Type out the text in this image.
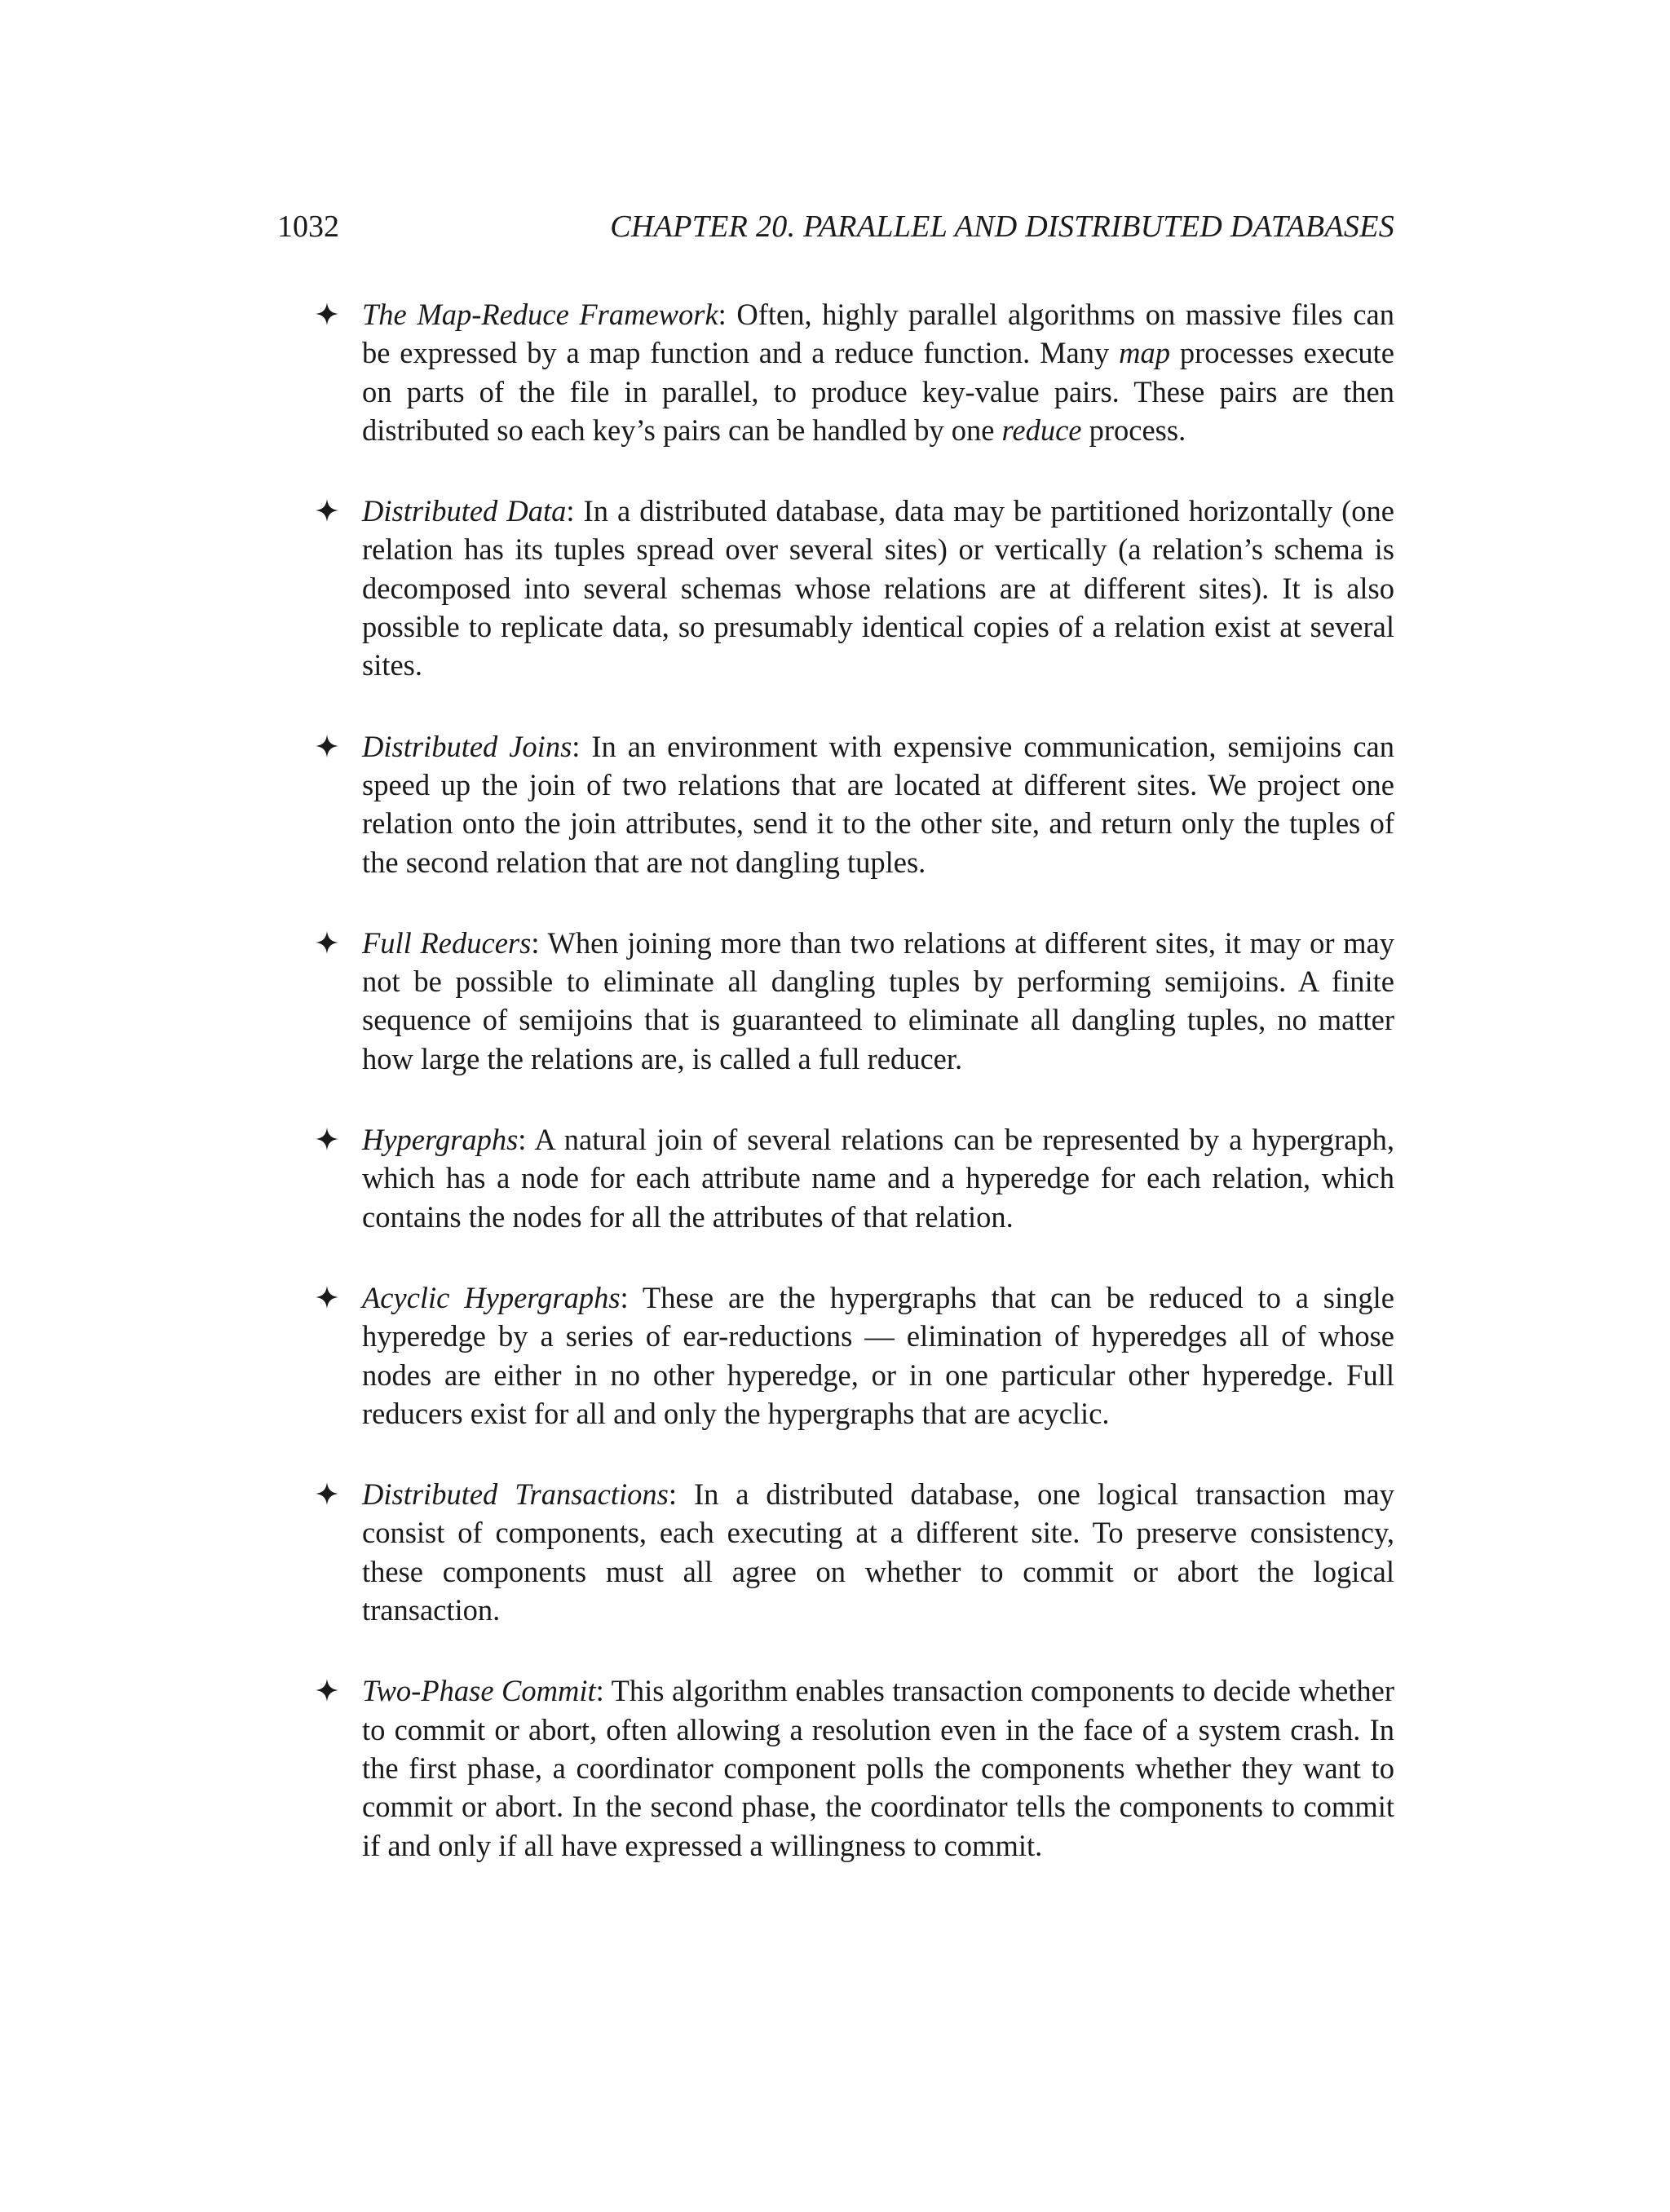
1032	CHAPTER 20. PARALLEL AND DISTRIBUTED DATABASES
The Map-Reduce Framework: Often, highly parallel algorithms on massive files can be expressed by a map function and a reduce function. Many map processes execute on parts of the file in parallel, to produce key-value pairs. These pairs are then distributed so each key’s pairs can be handled by one reduce process.
Distributed Data: In a distributed database, data may be partitioned horizontally (one relation has its tuples spread over several sites) or vertically (a relation’s schema is decomposed into several schemas whose relations are at different sites). It is also possible to replicate data, so presumably identical copies of a relation exist at several sites.
Distributed Joins: In an environment with expensive communication, semijoins can speed up the join of two relations that are located at different sites. We project one relation onto the join attributes, send it to the other site, and return only the tuples of the second relation that are not dangling tuples.
Full Reducers: When joining more than two relations at different sites, it may or may not be possible to eliminate all dangling tuples by performing semijoins. A finite sequence of semijoins that is guaranteed to eliminate all dangling tuples, no matter how large the relations are, is called a full reducer.
Hypergraphs: A natural join of several relations can be represented by a hypergraph, which has a node for each attribute name and a hyperedge for each relation, which contains the nodes for all the attributes of that relation.
Acyclic Hypergraphs: These are the hypergraphs that can be reduced to a single hyperedge by a series of ear-reductions — elimination of hyperedges all of whose nodes are either in no other hyperedge, or in one particular other hyperedge. Full reducers exist for all and only the hypergraphs that are acyclic.
Distributed Transactions: In a distributed database, one logical transaction may consist of components, each executing at a different site. To preserve consistency, these components must all agree on whether to commit or abort the logical transaction.
Two-Phase Commit: This algorithm enables transaction components to decide whether to commit or abort, often allowing a resolution even in the face of a system crash. In the first phase, a coordinator component polls the components whether they want to commit or abort. In the second phase, the coordinator tells the components to commit if and only if all have expressed a willingness to commit.
